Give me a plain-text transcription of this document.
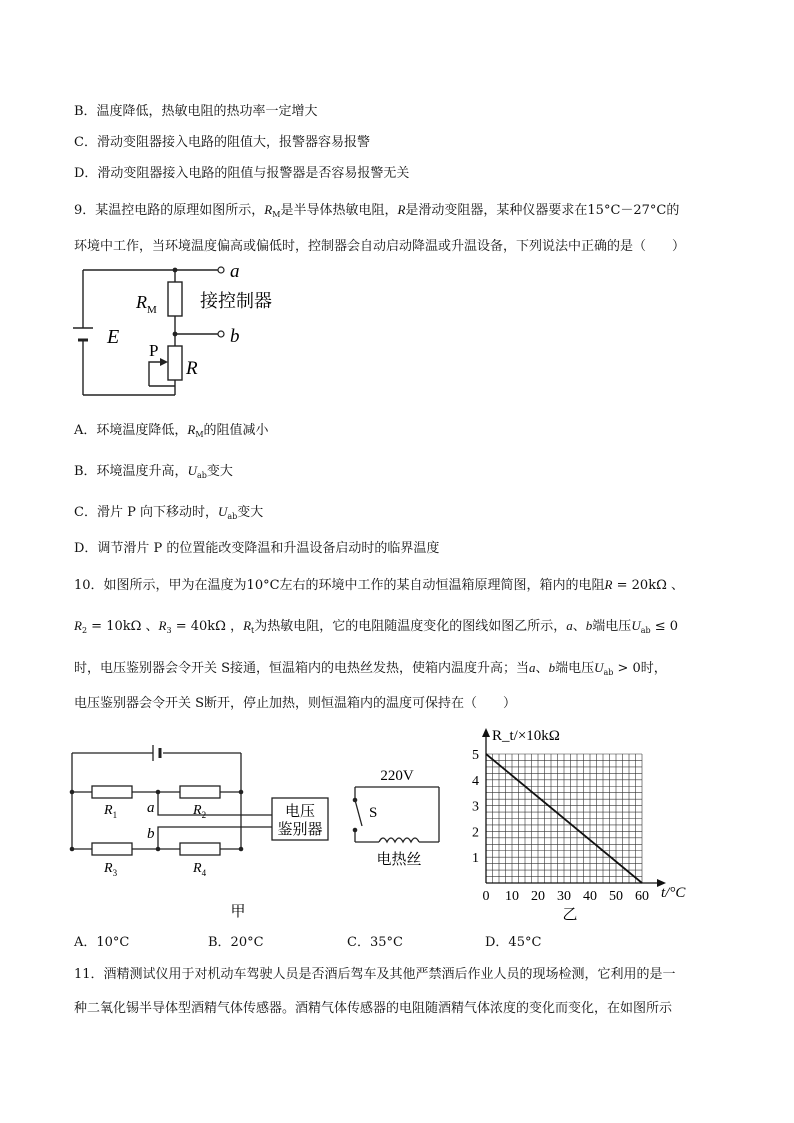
B．温度降低，热敏电阻的热功率一定增大
C．滑动变阻器接入电路的阻值大，报警器容易报警
D．滑动变阻器接入电路的阻值与报警器是否容易报警无关
9．某温控电路的原理如图所示，$R_M$是半导体热敏电阻，R是滑动变阻器，某种仪器要求在15°C－27°C的
环境中工作，当环境温度偏高或偏低时，控制器会自动启动降温或升温设备，下列说法中正确的是（　　）
a
b
接控制器
$R_M$
E
P
R
A．环境温度降低，$R_M$的阻值减小
B．环境温度升高，$U_{ab}$变大
C．滑片 P 向下移动时，$U_{ab}$变大
D．调节滑片 P 的位置能改变降温和升温设备启动时的临界温度
10．如图所示，甲为在温度为10°C左右的环境中工作的某自动恒温箱原理简图，箱内的电阻R = 20kΩ 、
$R_2 = 10k\Omega$ 、$R_3 = 40k\Omega$ ，$R_t$为热敏电阻，它的电阻随温度变化的图线如图乙所示，a、b端电压$U_{ab} \le 0$
时，电压鉴别器会令开关 S接通，恒温箱内的电热丝发热，使箱内温度升高；当a、b端电压$U_{ab} > 0$时，
电压鉴别器会令开关 S断开，停止加热，则恒温箱内的温度可保持在（　　）
$R_1$	$R_2$
$R_3$	$R_4$
a
b
电压
鉴别器
甲
220V
S
电热丝
0 10 20 30 40 50 60
1
2
3
4
5
R_t/×10kΩ
t/°C
乙
A．10°C	B．20°C	C．35°C	D．45°C
11．酒精测试仪用于对机动车驾驶人员是否酒后驾车及其他严禁酒后作业人员的现场检测，它利用的是一
种二氧化锡半导体型酒精气体传感器。酒精气体传感器的电阻随酒精气体浓度的变化而变化，在如图所示
